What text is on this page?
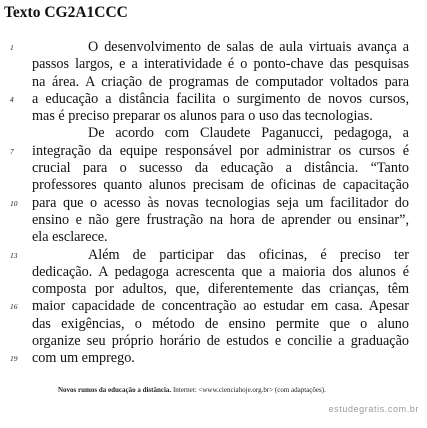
Texto CG2A1CCC
1	O desenvolvimento de salas de aula virtuais avança a
passos largos, e a interatividade é o ponto-chave das pesquisas
na área. A criação de programas de computador voltados para
4	a educação a distância facilita o surgimento de novos cursos,
mas é preciso preparar os alunos para o uso das tecnologias.
De acordo com Claudete Paganucci, pedagoga, a
7	integração da equipe responsável por administrar os cursos é
crucial para o sucesso da educação a distância. “Tanto
professores quanto alunos precisam de oficinas de capacitação
10	para que o acesso às novas tecnologias seja um facilitador do
ensino e não gere frustração na hora de aprender ou ensinar”,
ela esclarece.
13	Além de participar das oficinas, é preciso ter
dedicação. A pedagoga acrescenta que a maioria dos alunos é
composta por adultos, que, diferentemente das crianças, têm
16	maior capacidade de concentração ao estudar em casa. Apesar
das exigências, o método de ensino permite que o aluno
organize seu próprio horário de estudos e concilie a graduação
19	com um emprego.
Novos rumos da educação a distância. Internet: <www.cienciahoje.org.br> (com adaptações).
estudegratis.com.br
